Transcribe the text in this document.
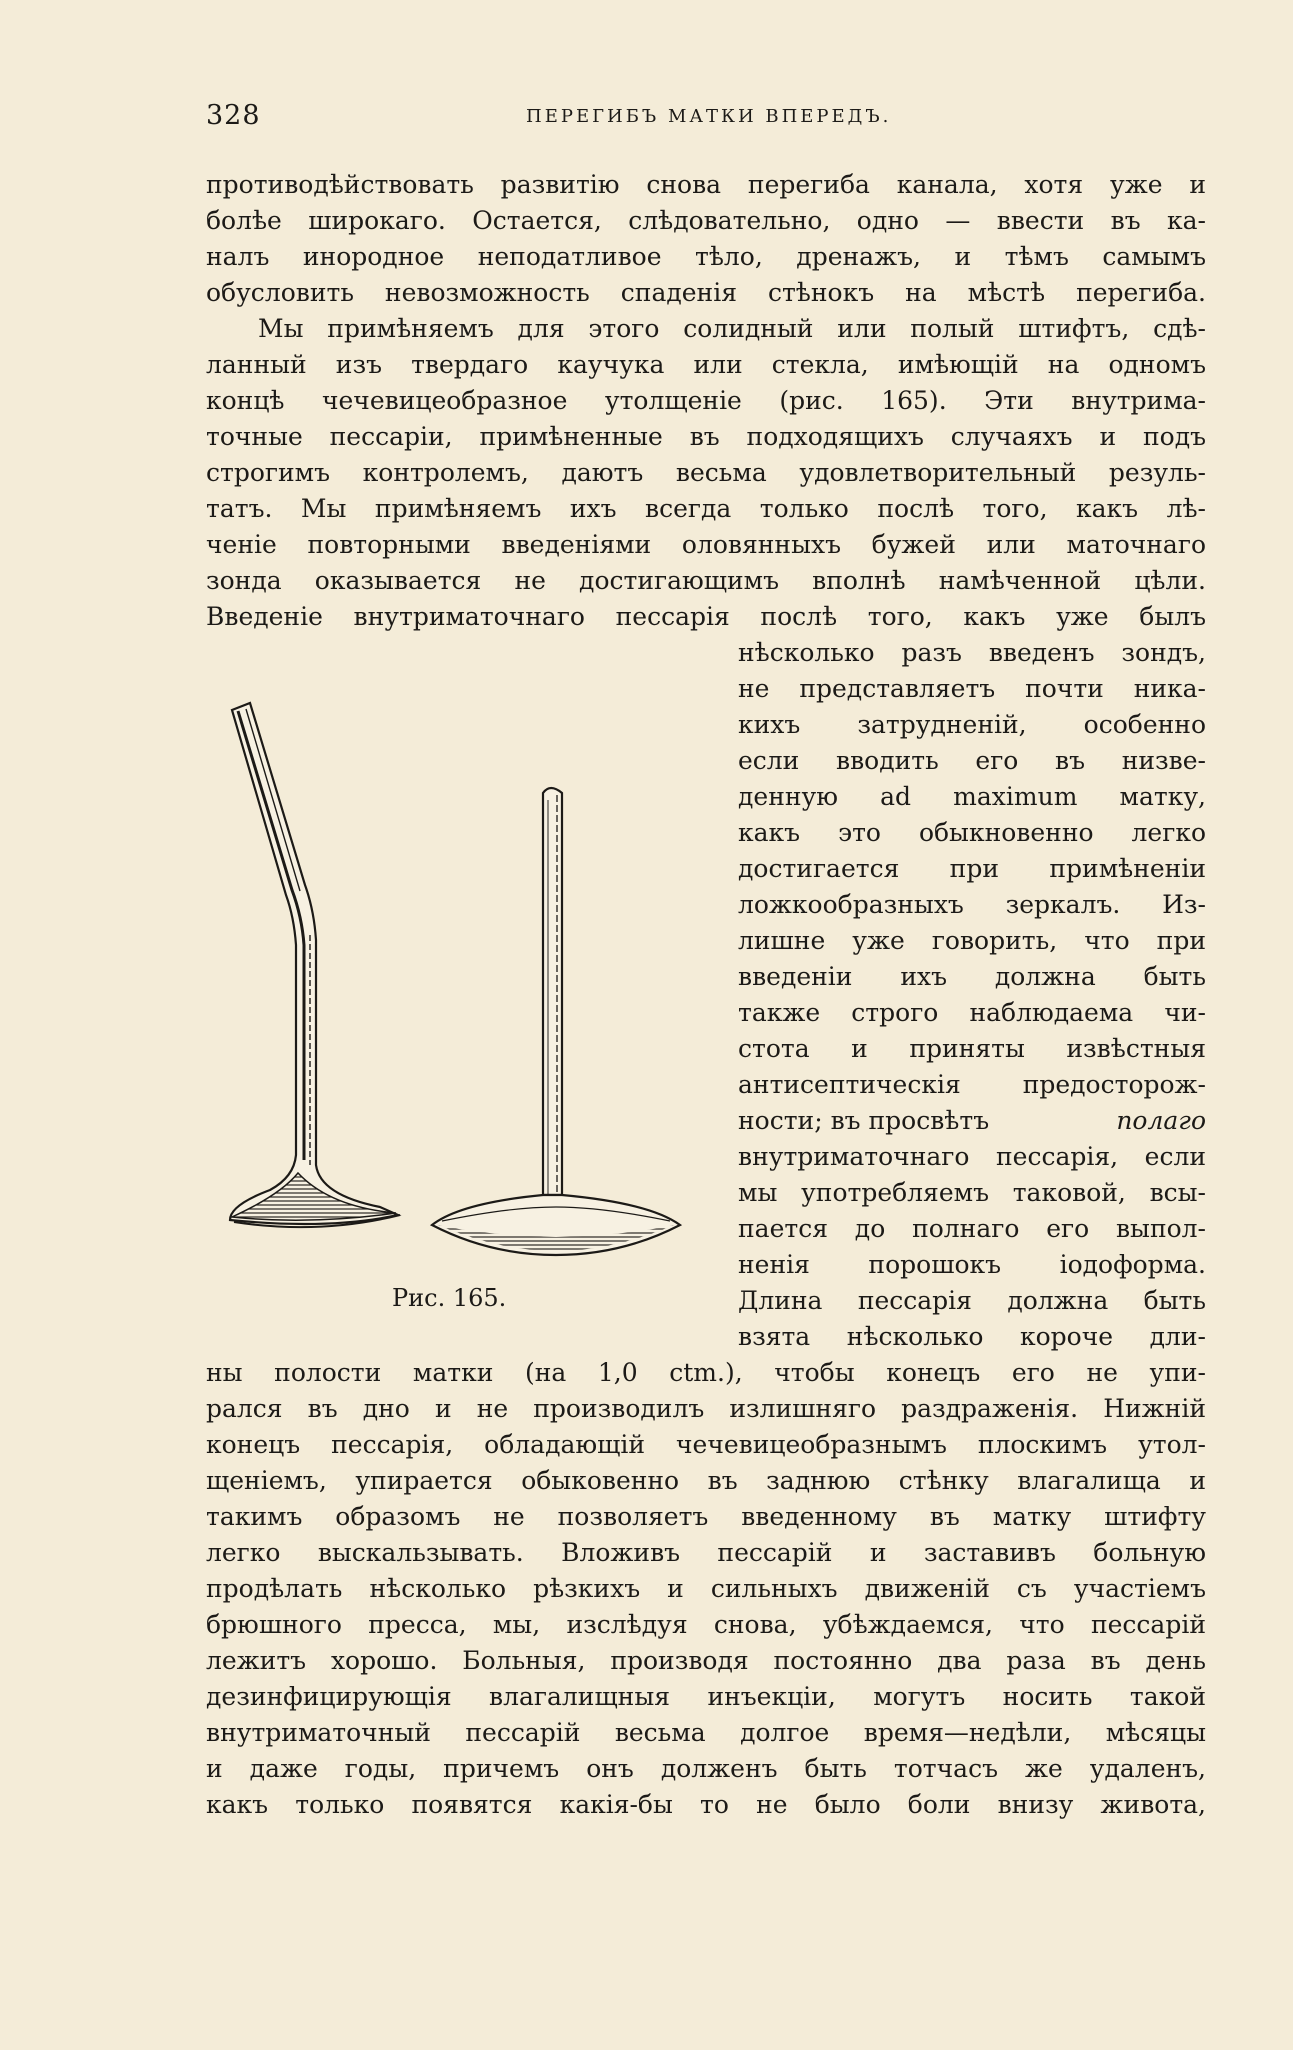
328	ПЕРЕГИБЪ МАТКИ ВПЕРЕДЪ.
противодѣйствовать развитію снова перегиба канала, хотя уже и
болѣе широкаго. Остается, слѣдовательно, одно — ввести въ ка-
налъ инородное неподатливое тѣло, дренажъ, и тѣмъ самымъ
обусловить невозможность спаденія стѣнокъ на мѣстѣ перегиба.
Мы примѣняемъ для этого солидный или полый штифтъ, сдѣ-
ланный изъ твердаго каучука или стекла, имѣющій на одномъ
концѣ чечевицеобразное утолщеніе (рис. 165). Эти внутрима-
точные пессаріи, примѣненные въ подходящихъ случаяхъ и подъ
строгимъ контролемъ, даютъ весьма удовлетворительный резуль-
татъ. Мы примѣняемъ ихъ всегда только послѣ того, какъ лѣ-
ченіе повторными введеніями оловянныхъ бужей или маточнаго
зонда оказывается не достигающимъ вполнѣ намѣченной цѣли.
Введеніе внутриматочнаго пессарія послѣ того, какъ уже былъ
нѣсколько разъ введенъ зондъ,
не представляетъ почти ника-
кихъ затрудненій, особенно
если вводить его въ низве-
денную ad maximum матку,
какъ это обыкновенно легко
достигается при примѣненіи
ложкообразныхъ зеркалъ. Из-
лишне уже говорить, что при
введеніи ихъ должна быть
также строго наблюдаема чи-
стота и приняты извѣстныя
антисептическія предосторож-
ности; въ просвѣтъ	полаго
внутриматочнаго пессарія, если
мы употребляемъ таковой, всы-
пается до полнаго его выпол-
ненія порошокъ іодоформа.
Длина пессарія должна быть
взята нѣсколько короче дли-
Рис. 165.
ны полости матки (на 1,0 ctm.), чтобы конецъ его не упи-
рался въ дно и не производилъ излишняго раздраженія. Нижній
конецъ пессарія, обладающій чечевицеобразнымъ плоскимъ утол-
щеніемъ, упирается обыковенно въ заднюю стѣнку влагалища и
такимъ образомъ не позволяетъ введенному въ матку штифту
легко выскальзывать. Вложивъ пессарій и заставивъ больную
продѣлать нѣсколько рѣзкихъ и сильныхъ движеній съ участіемъ
брюшного пресса, мы, изслѣдуя снова, убѣждаемся, что пессарій
лежитъ хорошо. Больныя, производя постоянно два раза въ день
дезинфицирующія влагалищныя инъекціи, могутъ носить такой
внутриматочный пессарій весьма долгое время—недѣли, мѣсяцы
и даже годы, причемъ онъ долженъ быть тотчасъ же удаленъ,
какъ только появятся какія-бы то не было боли внизу живота,
